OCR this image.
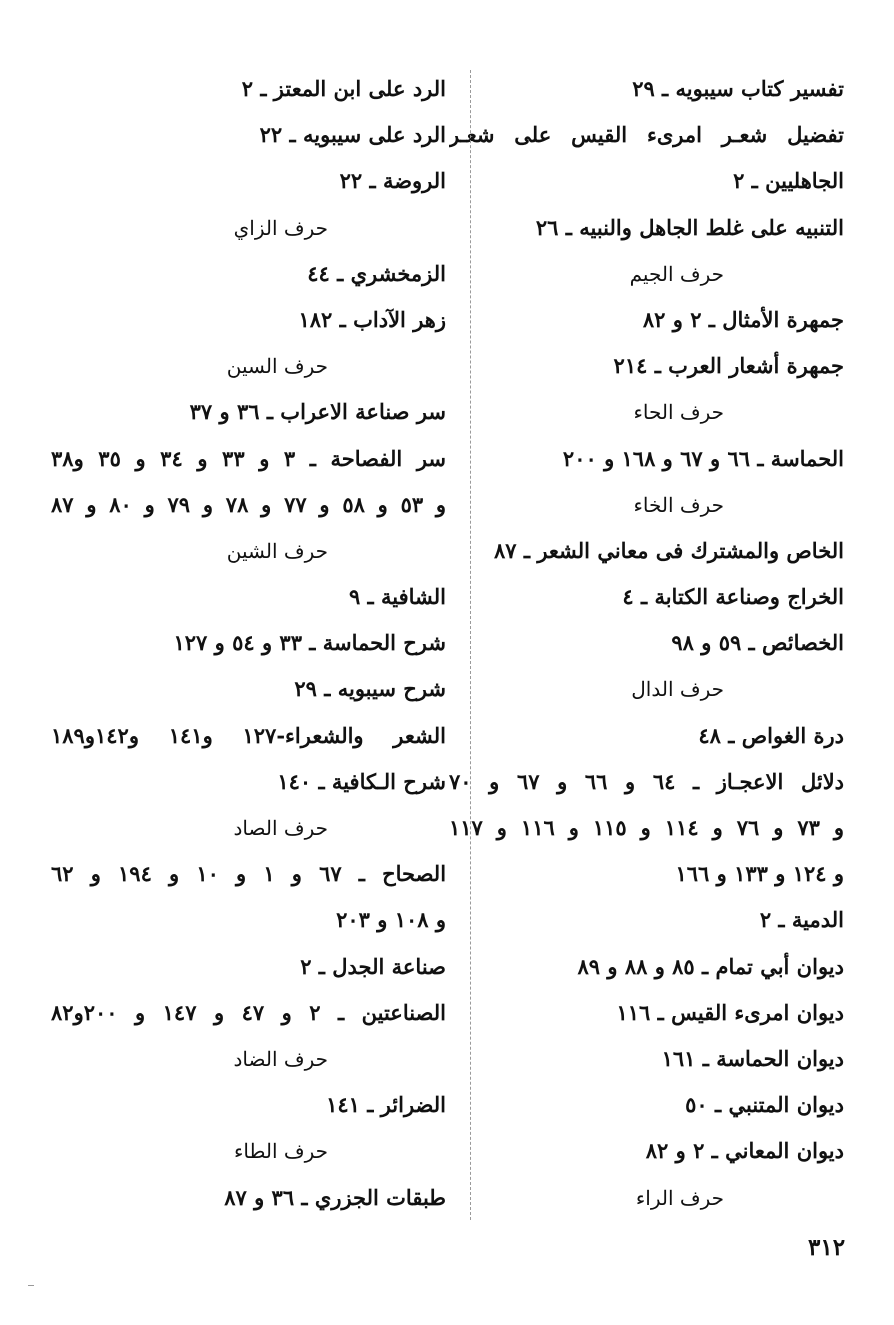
تفسير كتاب سيبويه ـ ٢٩
تفضيل شعـر امرىء القيس على شعـر
الجاهليين ـ ٢
التنبيه على غلط الجاهل والنبيه ـ ٢٦
حرف الجيم
جمهرة الأمثال ـ ٢ و ٨٢
جمهرة أشعار العرب ـ ٢١٤
حرف الحاء
الحماسة ـ ٦٦ و ٦٧ و ١٦٨ و ٢٠٠
حرف الخاء
الخاص والمشترك فى معاني الشعر ـ ٨٧
الخراج وصناعة الكتابة ـ ٤
الخصائص ـ ٥٩ و ٩٨
حرف الدال
درة الغواص ـ ٤٨
دلائل الاعجـاز ـ ٦٤ و ٦٦ و ٦٧ و ٧٠
و ٧٣ و ٧٦ و ١١٤ و ١١٥ و ١١٦ و ١١٧
و ١٢٤ و ١٣٣ و ١٦٦
الدمية ـ ٢
ديوان أبي تمام ـ ٨٥ و ٨٨ و ٨٩
ديوان امرىء القيس ـ ١١٦
ديوان الحماسة ـ ١٦١
ديوان المتنبي ـ ٥٠
ديوان المعاني ـ ٢ و ٨٢
حرف الراء
الرد على ابن المعتز ـ ٢
الرد على سيبويه ـ ٢٢
الروضة ـ ٢٢
حرف الزاي
الزمخشري ـ ٤٤
زهر الآداب ـ ١٨٢
حرف السين
سر صناعة الاعراب ـ ٣٦ و ٣٧
سر الفصاحة ـ ٣ و ٣٣ و ٣٤ و ٣٥ و٣٨
و ٥٣ و ٥٨ و ٧٧ و ٧٨ و ٧٩ و ٨٠ و ٨٧
حرف الشين
الشافية ـ ٩
شرح الحماسة ـ ٣٣ و ٥٤ و ١٢٧
شرح سيبويه ـ ٢٩
الشعر والشعراء-١٢٧ و١٤١ و١٤٢و١٨٩
شرح الـكافية ـ ١٤٠
حرف الصاد
الصحاح ـ ٦٧ و ١ و ١٠ و ١٩٤ و ٦٢
و ١٠٨ و ٢٠٣
صناعة الجدل ـ ٢
الصناعتين ـ ٢ و ٤٧ و ١٤٧ و ٢٠٠و٨٢
حرف الضاد
الضرائر ـ ١٤١
حرف الطاء
طبقات الجزري ـ ٣٦ و ٨٧
٣١٢
